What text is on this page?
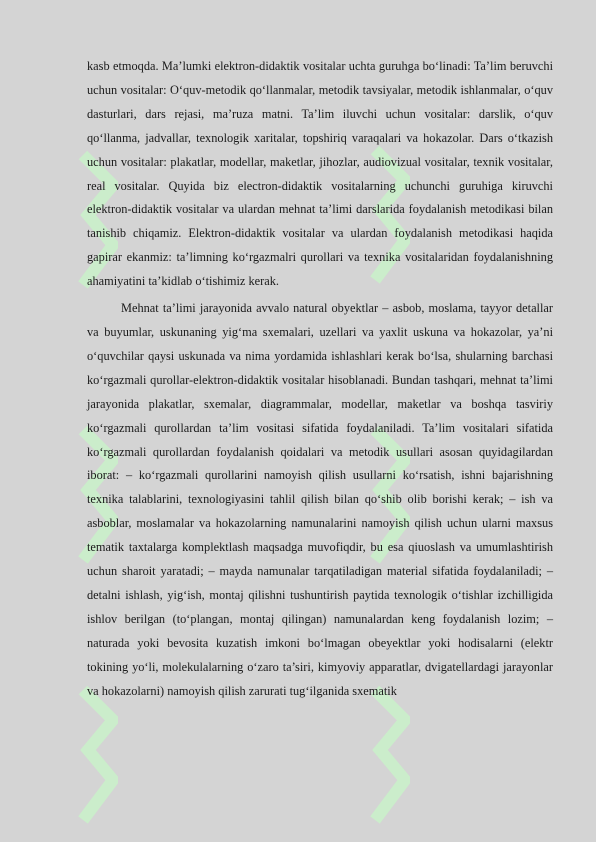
kasb etmoqda. Ma’lumki elektron-didaktik vositalar uchta guruhga bo‘linadi: Ta’lim beruvchi uchun vositalar: O‘quv-metodik qo‘llanmalar, metodik tavsiyalar, metodik ishlanmalar, o‘quv dasturlari, dars rejasi, ma’ruza matni. Ta’lim iluvchi uchun vositalar: darslik, o‘quv qo‘llanma, jadvallar, texnologik xaritalar, topshiriq varaqalari va hokazolar. Dars o‘tkazish uchun vositalar: plakatlar, modellar, maketlar, jihozlar, audiovizual vositalar, texnik vositalar, real vositalar. Quyida biz electron-didaktik vositalarning uchunchi guruhiga kiruvchi elektron-didaktik vositalar va ulardan mehnat ta’limi darslarida foydalanish metodikasi bilan tanishib chiqamiz. Elektron-didaktik vositalar va ulardan foydalanish metodikasi haqida gapirar ekanmiz: ta’limning ko‘rgazmalri qurollari va texnika vositalaridan foydalanishning ahamiyatini ta’kidlab o‘tishimiz kerak.

Mehnat ta’limi jarayonida avvalo natural obyektlar – asbob, moslama, tayyor detallar va buyumlar, uskunaning yig‘ma sxemalari, uzellari va yaxlit uskuna va hokazolar, ya’ni o‘quvchilar qaysi uskunada va nima yordamida ishlashlari kerak bo‘lsa, shularning barchasi ko‘rgazmali qurollar-elektron-didaktik vositalar hisoblanadi. Bundan tashqari, mehnat ta’limi jarayonida plakatlar, sxemalar, diagrammalar, modellar, maketlar va boshqa tasviriy ko‘rgazmali qurollardan ta’lim vositasi sifatida foydalaniladi. Ta’lim vositalari sifatida ko‘rgazmali qurollardan foydalanish qoidalari va metodik usullari asosan quyidagilardan iborat: – ko‘rgazmali qurollarini namoyish qilish usullarni ko‘rsatish, ishni bajarishning texnika talablarini, texnologiyasini tahlil qilish bilan qo‘shib olib borishi kerak; – ish va asboblar, moslamalar va hokazolarning namunalarini namoyish qilish uchun ularni maxsus tematik taxtalarga komplektlash maqsadga muvofiqdir, bu esa qiuoslash va umumlashtirish uchun sharoit yaratadi; – mayda namunalar tarqatiladigan material sifatida foydalaniladi; – detalni ishlash, yig‘ish, montaj qilishni tushuntirish paytida texnologik o‘tishlar izchilligida ishlov berilgan (to‘plangan, montaj qilingan) namunalardan keng foydalanish lozim; – naturada yoki bevosita kuzatish imkoni bo‘lmagan obeyektlar yoki hodisalarni (elektr tokining yo‘li, molekulalarning o‘zaro ta’siri, kimyoviy apparatlar, dvigatellardagi jarayonlar va hokazolarni) namoyish qilish zarurati tug‘ilganida sxematik
